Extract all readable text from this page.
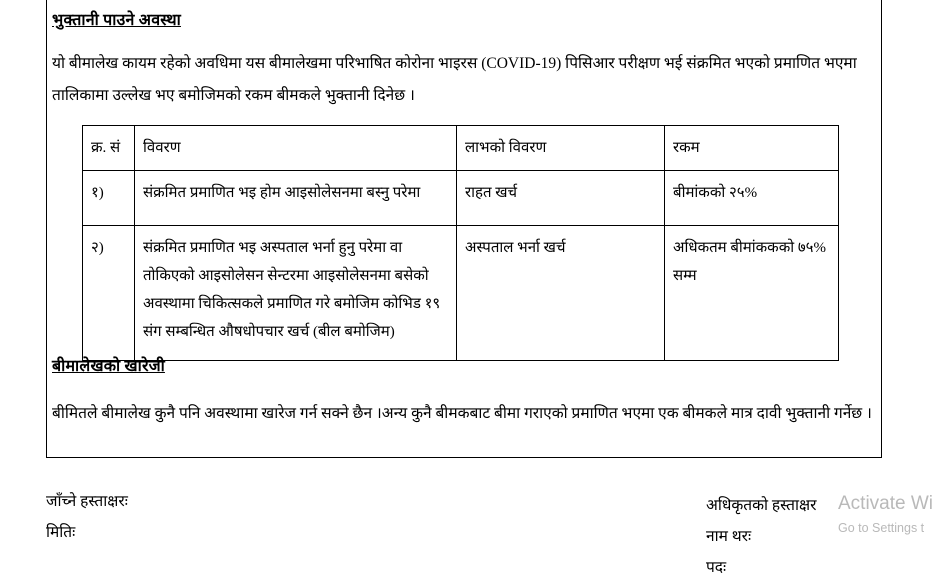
भुक्तानी पाउने अवस्था
यो बीमालेख कायम रहेको अवधिमा यस बीमालेखमा परिभाषित कोरोना भाइरस (COVID-19) पिसिआर परीक्षण भई संक्रमित भएको प्रमाणित भएमा तालिकामा उल्लेख भए बमोजिमको रकम बीमकले भुक्तानी दिनेछ ।
क्र. सं	विवरण	लाभको विवरण	रकम
१)	संक्रमित प्रमाणित भइ होम आइसोलेसनमा बस्नु परेमा	राहत खर्च	बीमांकको २५%
२)	संक्रमित प्रमाणित भइ अस्पताल भर्ना हुनु परेमा वा तोकिएको आइसोलेसन सेन्टरमा आइसोलेसनमा बसेको अवस्थामा चिकित्सकले प्रमाणित गरे बमोजिम कोभिड १९ संग सम्बन्धित औषधोपचार खर्च (बील बमोजिम)	अस्पताल भर्ना खर्च	अधिकतम बीमांककको ७५% सम्म
बीमालेखको खारेजी
बीमितले बीमालेख कुनै पनि अवस्थामा खारेज गर्न सक्ने छैन ।अन्य कुनै बीमकबाट बीमा गराएको प्रमाणित भएमा एक बीमकले मात्र दावी भुक्तानी गर्नेछ ।
जाँच्ने हस्ताक्षरः
मितिः
अधिकृतको हस्ताक्षर
नाम थरः
पदः
Activate Wi
Go to Settings t
